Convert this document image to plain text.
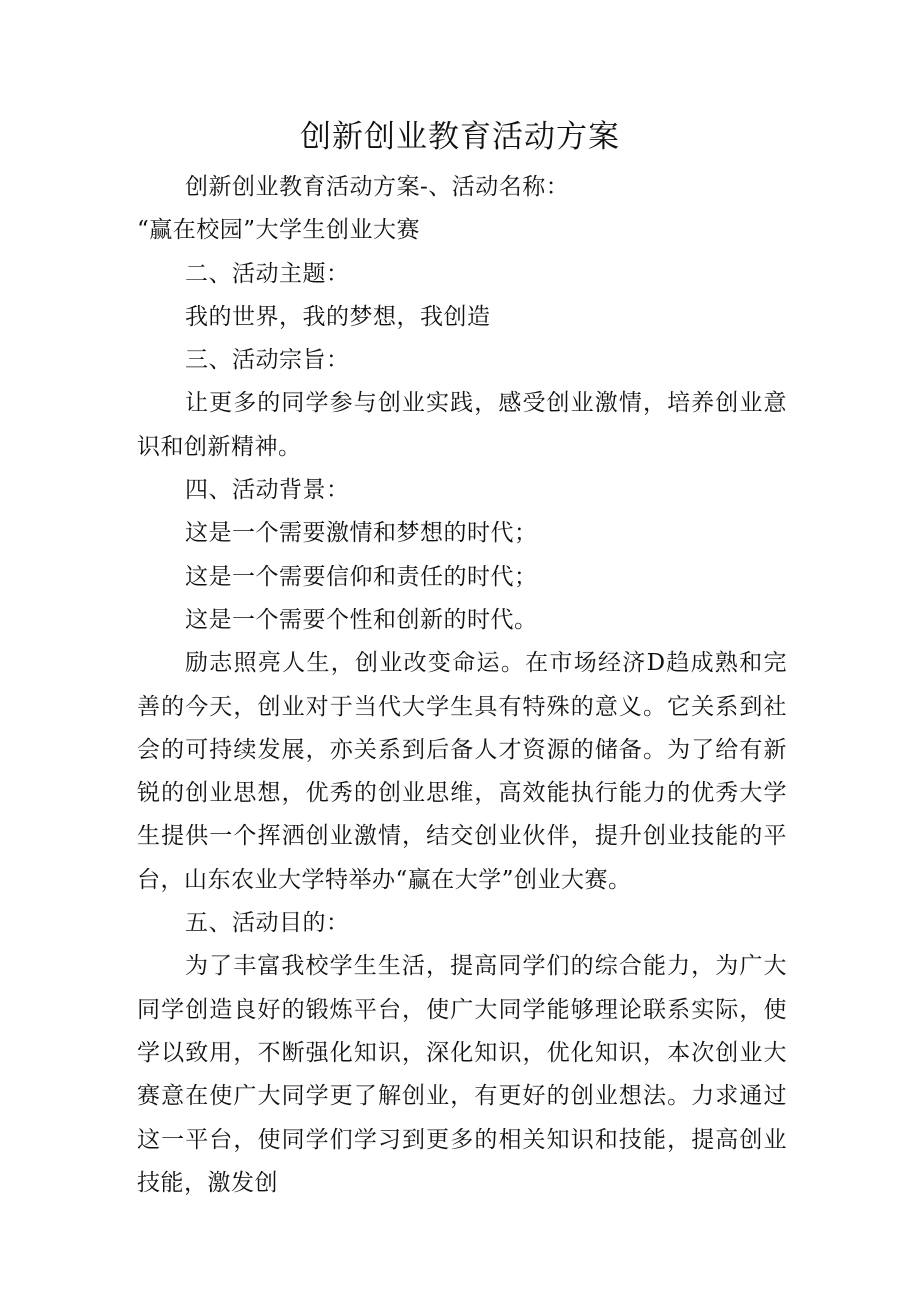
创新创业教育活动方案

创新创业教育活动方案-、活动名称：

“赢在校园”大学生创业大赛

二、活动主题：

我的世界，我的梦想，我创造

三、活动宗旨：

让更多的同学参与创业实践，感受创业激情，培养创业意识和创新精神。

四、活动背景：

这是一个需要激情和梦想的时代；

这是一个需要信仰和责任的时代；

这是一个需要个性和创新的时代。

励志照亮人生，创业改变命运。在市场经济D趋成熟和完善的今天，创业对于当代大学生具有特殊的意义。它关系到社会的可持续发展，亦关系到后备人才资源的储备。为了给有新锐的创业思想，优秀的创业思维，高效能执行能力的优秀大学生提供一个挥洒创业激情，结交创业伙伴，提升创业技能的平台，山东农业大学特举办“赢在大学”创业大赛。

五、活动目的：

为了丰富我校学生生活，提高同学们的综合能力，为广大同学创造良好的锻炼平台，使广大同学能够理论联系实际，使学以致用，不断强化知识，深化知识，优化知识，本次创业大赛意在使广大同学更了解创业，有更好的创业想法。力求通过这一平台，使同学们学习到更多的相关知识和技能，提高创业技能，激发创
